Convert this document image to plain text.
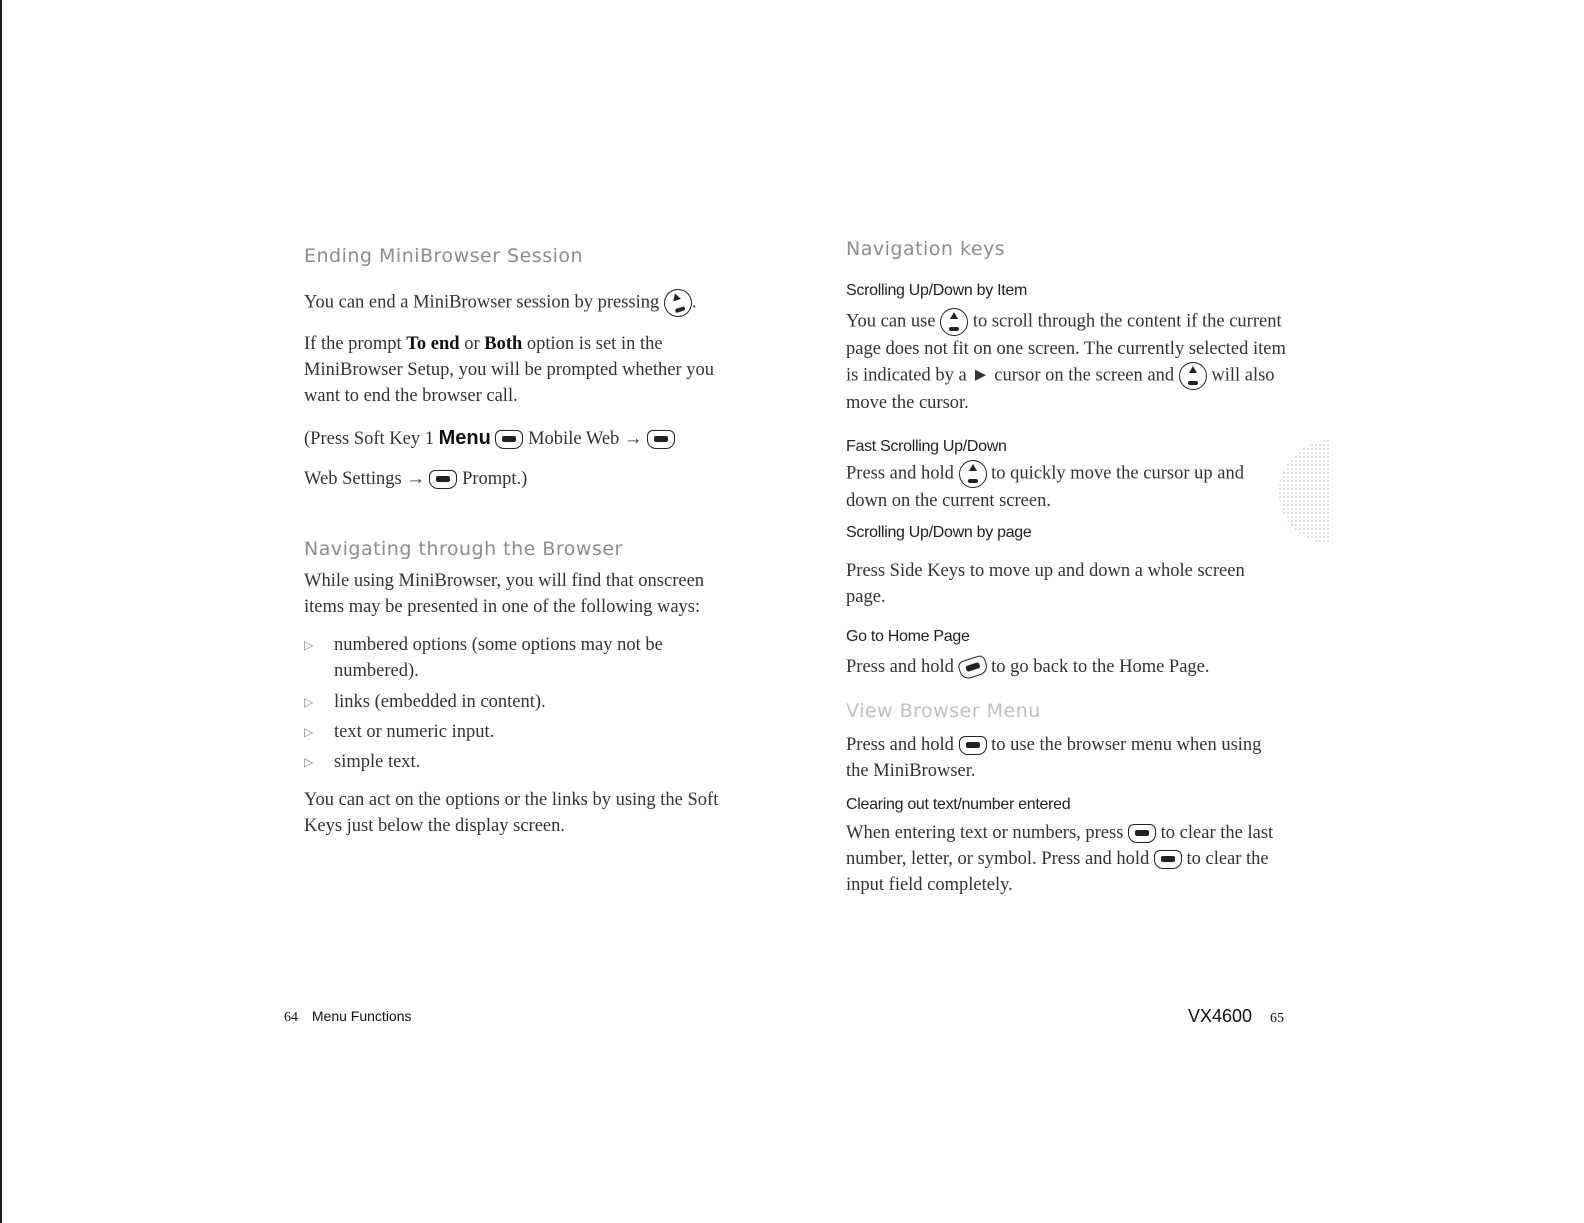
Ending MiniBrowser Session

You can end a MiniBrowser session by pressing .

If the prompt To end or Both option is set in the MiniBrowser Setup, you will be prompted whether you want to end the browser call.

(Press Soft Key 1 Menu Mobile Web →

Web Settings → Prompt.)

Navigating through the Browser

While using MiniBrowser, you will find that onscreen items may be presented in one of the following ways:

▷ numbered options (some options may not be numbered).

▷ links (embedded in content).

▷ text or numeric input.

▷ simple text.

You can act on the options or the links by using the Soft Keys just below the display screen.

Navigation keys
Scrolling Up/Down by Item

You can use to scroll through the content if the current page does not fit on one screen. The currently selected item is indicated by a ► cursor on the screen and will also move the cursor.

Fast Scrolling Up/Down

Press and hold to quickly move the cursor up and down on the current screen.

Scrolling Up/Down by page

Press Side Keys to move up and down a whole screen page.

Go to Home Page

Press and hold to go back to the Home Page.

View Browser Menu

Press and hold to use the browser menu when using the MiniBrowser.

Clearing out text/number entered

When entering text or numbers, press to clear the last number, letter, or symbol. Press and hold to clear the input field completely.

64 Menu Functions	VX4600 65
